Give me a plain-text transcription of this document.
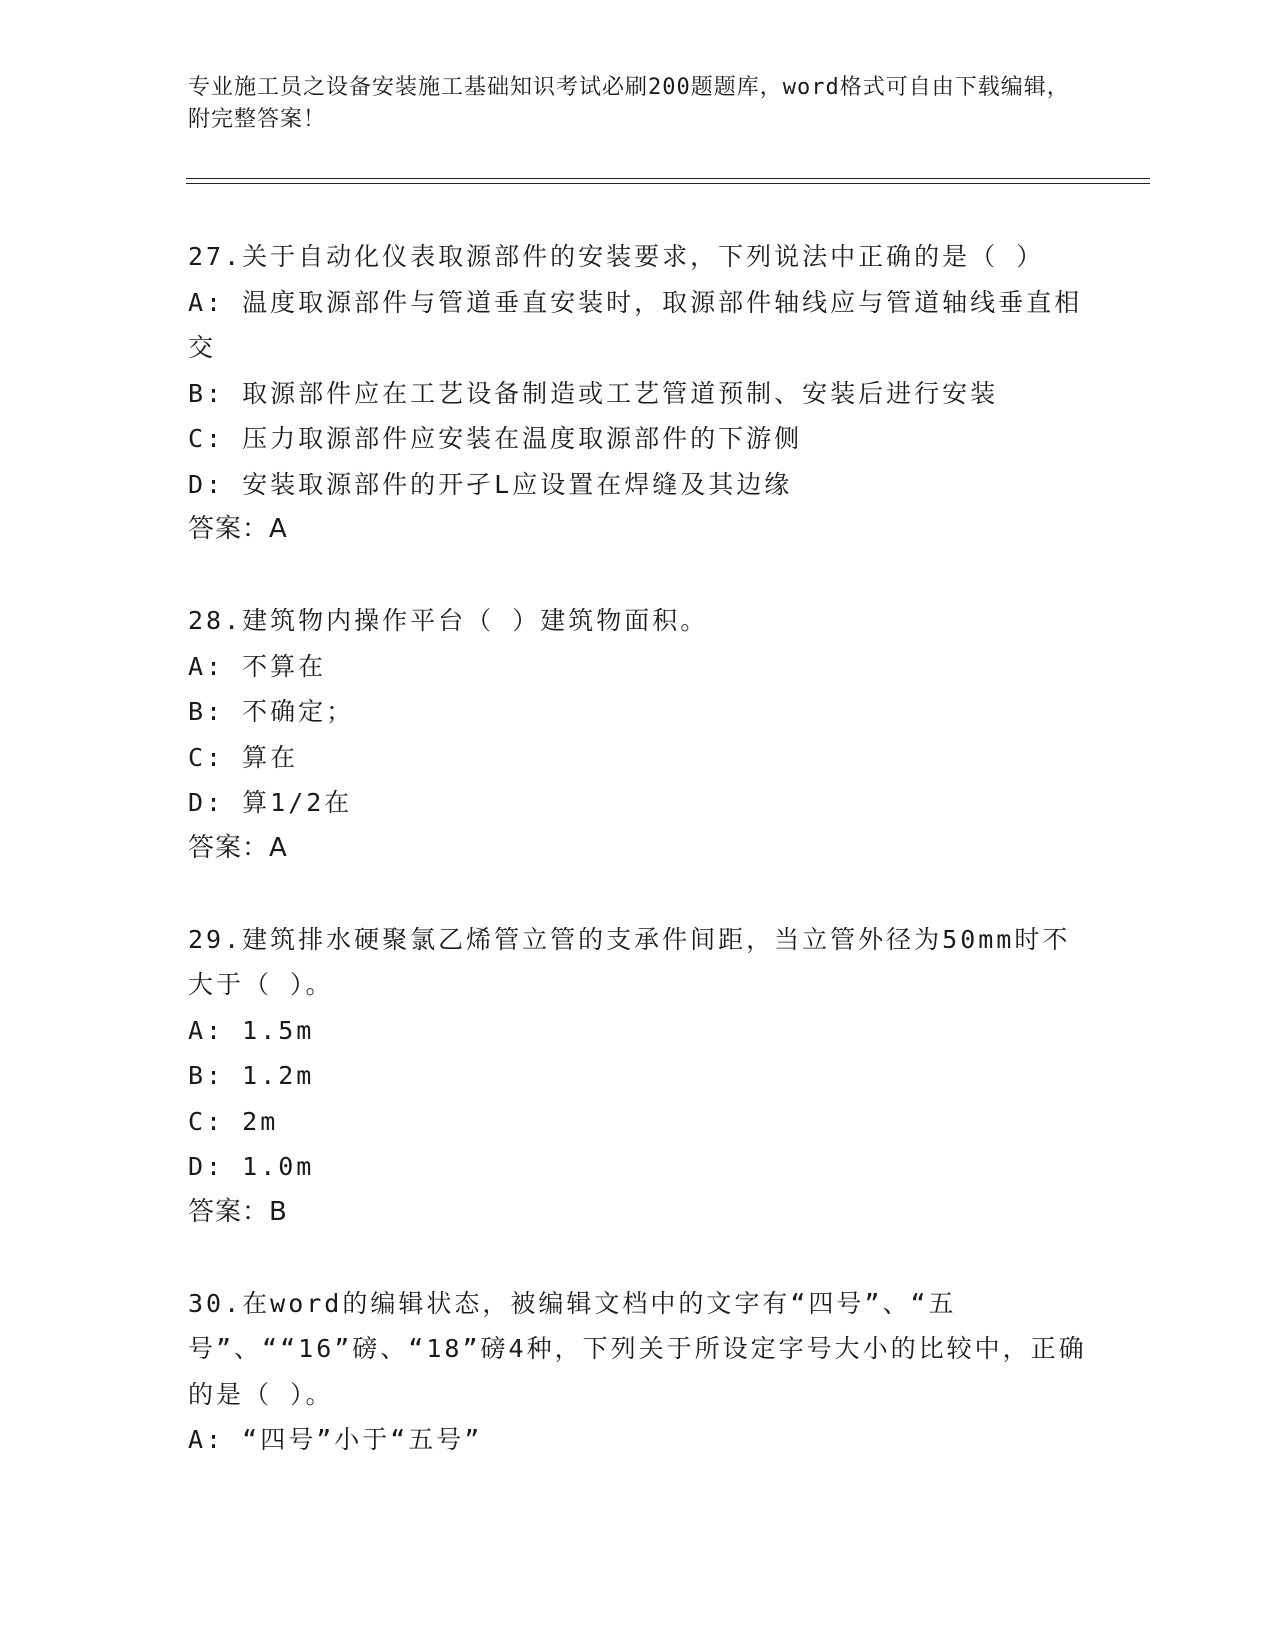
专业施工员之设备安装施工基础知识考试必刷200题题库，word格式可自由下载编辑，附完整答案！
27.关于自动化仪表取源部件的安装要求，下列说法中正确的是（ ）
A: 温度取源部件与管道垂直安装时，取源部件轴线应与管道轴线垂直相交
B: 取源部件应在工艺设备制造或工艺管道预制、安装后进行安装
C: 压力取源部件应安装在温度取源部件的下游侧
D: 安装取源部件的开孑L应设置在焊缝及其边缘
答案：A
28.建筑物内操作平台（ ）建筑物面积。
A: 不算在
B: 不确定；
C: 算在
D: 算1/2在
答案：A
29.建筑排水硬聚氯乙烯管立管的支承件间距，当立管外径为50mm时不大于（ ）。
A: 1.5m
B: 1.2m
C: 2m
D: 1.0m
答案：B
30.在word的编辑状态，被编辑文档中的文字有“四号”、“五号”、““16”磅、“18”磅4种，下列关于所设定字号大小的比较中，正确的是（ ）。
A: “四号”小于“五号”
